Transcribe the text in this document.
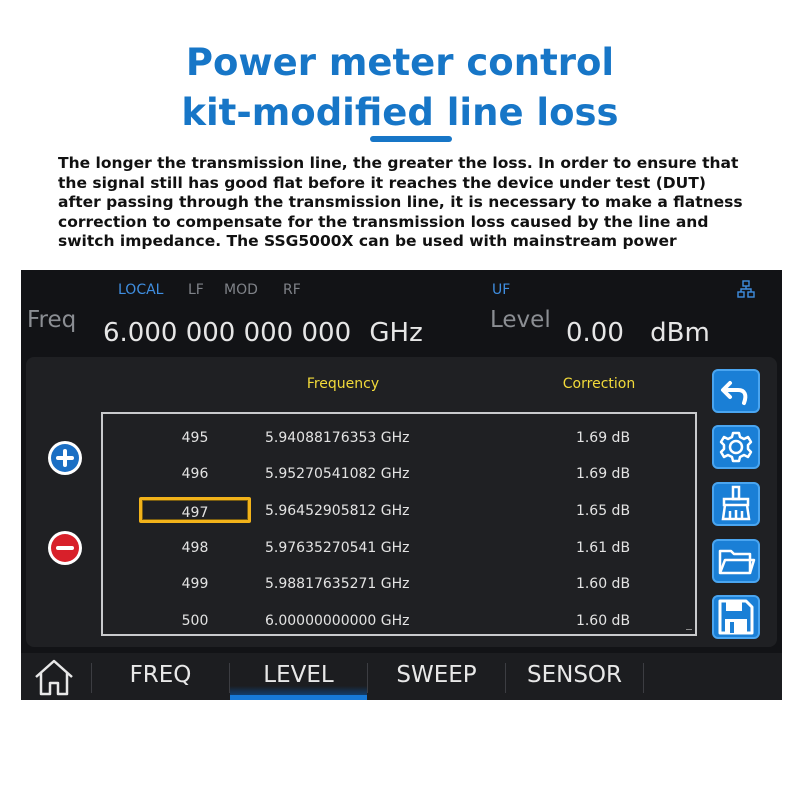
Power meter control
kit-modified line loss
The longer the transmission line, the greater the loss. In order to ensure that
the signal still has good flat before it reaches the device under test (DUT)
after passing through the transmission line, it is necessary to make a flatness
correction to compensate for the transmission loss caused by the line and
switch impedance. The SSG5000X can be used with mainstream power
LOCAL LF MOD RF	UF
Freq 6.000 000 000 000 GHz	Level 0.00 dBm
Frequency	Correction
495	5.94088176353 GHz	1.69 dB
496	5.95270541082 GHz	1.69 dB
497	5.96452905812 GHz	1.65 dB
498	5.97635270541 GHz	1.61 dB
499	5.98817635271 GHz	1.60 dB
500	6.00000000000 GHz	1.60 dB
FREQ	LEVEL	SWEEP	SENSOR
